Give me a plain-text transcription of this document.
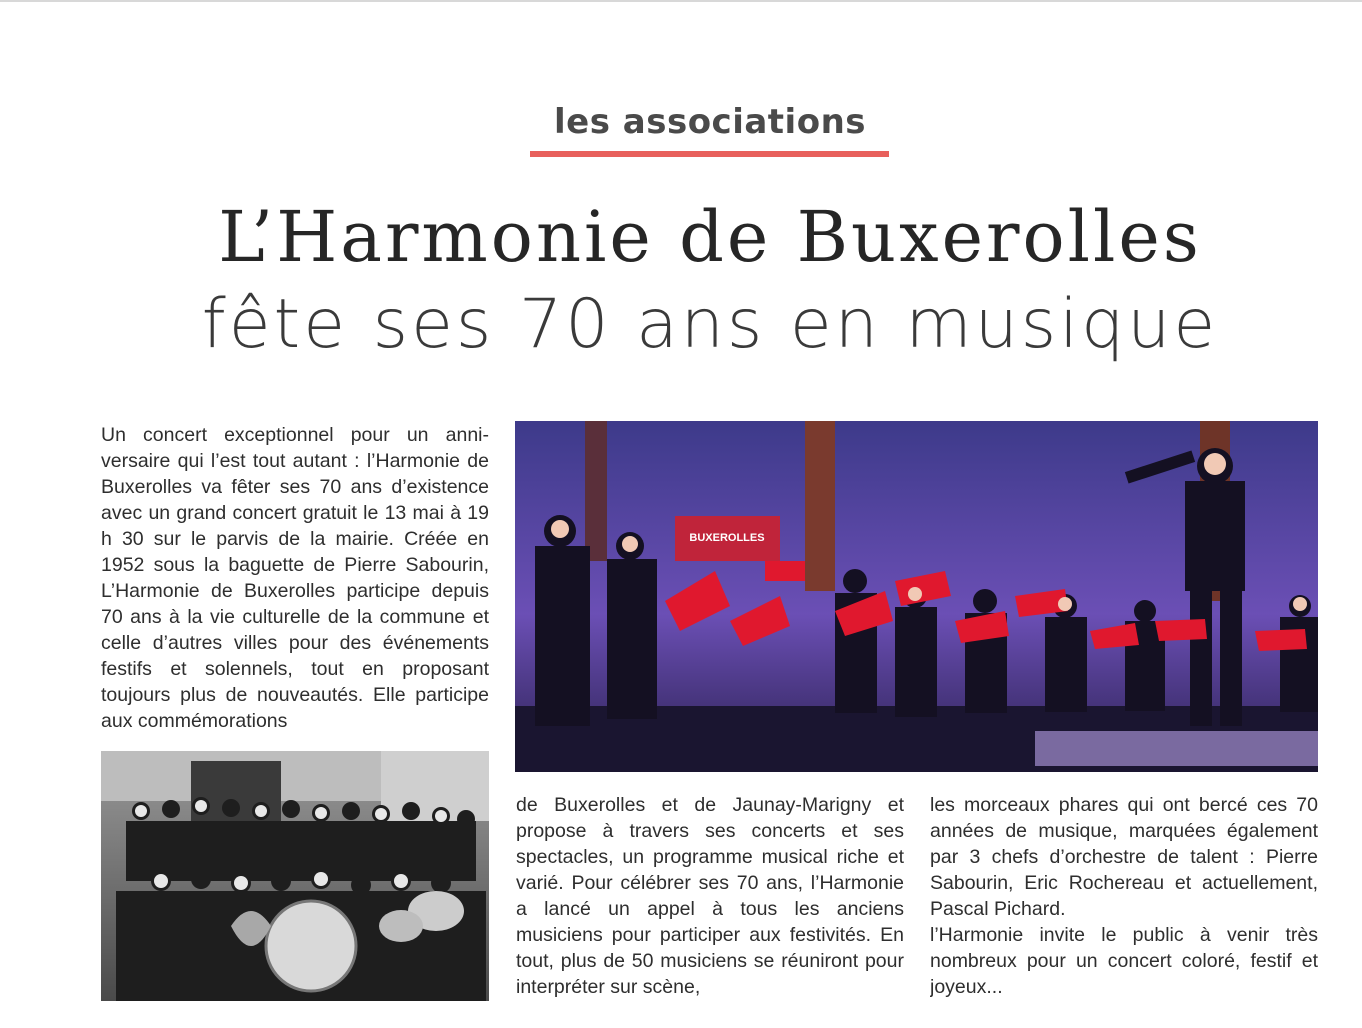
les associations
L’Harmonie de Buxerolles
fête ses 70 ans en musique
Un concert exceptionnel pour un anniversaire qui l’est tout autant : l’Harmonie de Buxerolles va fêter ses 70 ans d’existence avec un grand concert gratuit le 13 mai à 19 h 30 sur le parvis de la mairie. Créée en 1952 sous la baguette de Pierre Sabourin, L’Harmonie de Buxerolles participe depuis 70 ans à la vie culturelle de la commune et celle d’autres villes pour des événements festifs et solennels, tout en proposant toujours plus de nouveautés. Elle participe aux commémorations
BUXEROLLES
de Buxerolles et de Jaunay-Marigny et propose à travers ses concerts et ses spectacles, un programme musical riche et varié. Pour célébrer ses 70 ans, l’Harmonie a lancé un appel à tous les anciens musiciens pour participer aux festivités. En tout, plus de 50 musiciens se réuniront pour interpréter sur scène,
les morceaux phares qui ont bercé ces 70 années de musique, marquées également par 3 chefs d’orchestre de talent : Pierre Sabourin, Eric Rochereau et actuellement, Pascal Pichard.
l’Harmonie invite le public à venir très nombreux pour un concert coloré, festif et joyeux...
